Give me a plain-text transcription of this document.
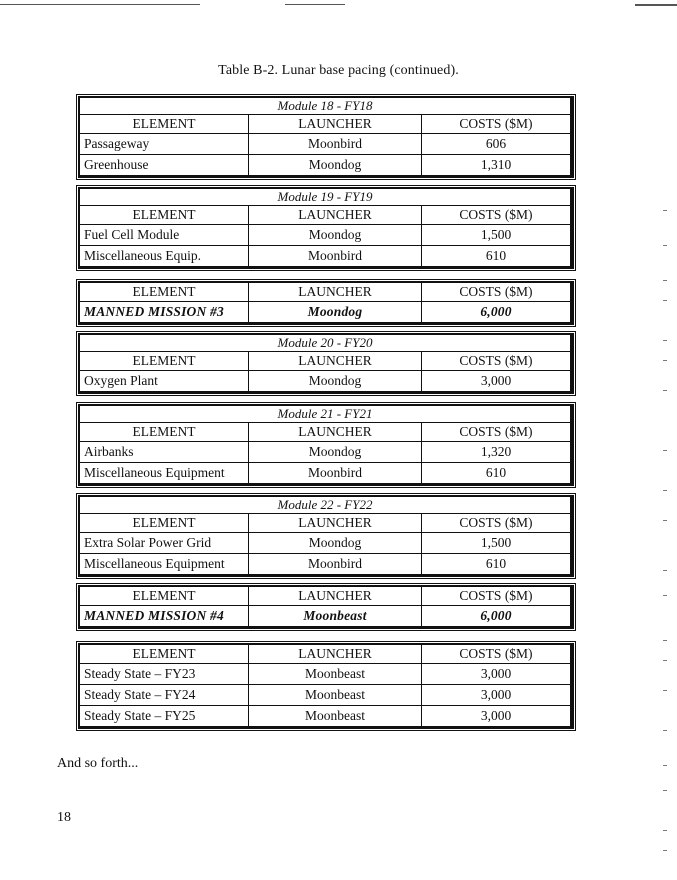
Table B-2. Lunar base pacing (continued).
Module 18 - FY18		
ELEMENT	LAUNCHER	COSTS ($M)
Passageway	Moonbird	606
Greenhouse	Moondog	1,310
Module 19 - FY19		
ELEMENT	LAUNCHER	COSTS ($M)
Fuel Cell Module	Moondog	1,500
Miscellaneous Equip.	Moonbird	610
ELEMENT	LAUNCHER	COSTS ($M)
MANNED MISSION #3	Moondog	6,000
Module 20 - FY20		
ELEMENT	LAUNCHER	COSTS ($M)
Oxygen Plant	Moondog	3,000
Module 21 - FY21		
ELEMENT	LAUNCHER	COSTS ($M)
Airbanks	Moondog	1,320
Miscellaneous Equipment	Moonbird	610
Module 22 - FY22		
ELEMENT	LAUNCHER	COSTS ($M)
Extra Solar Power Grid	Moondog	1,500
Miscellaneous Equipment	Moonbird	610
ELEMENT	LAUNCHER	COSTS ($M)
MANNED MISSION #4	Moonbeast	6,000
ELEMENT	LAUNCHER	COSTS ($M)
Steady State – FY23	Moonbeast	3,000
Steady State – FY24	Moonbeast	3,000
Steady State – FY25	Moonbeast	3,000
And so forth...
18
